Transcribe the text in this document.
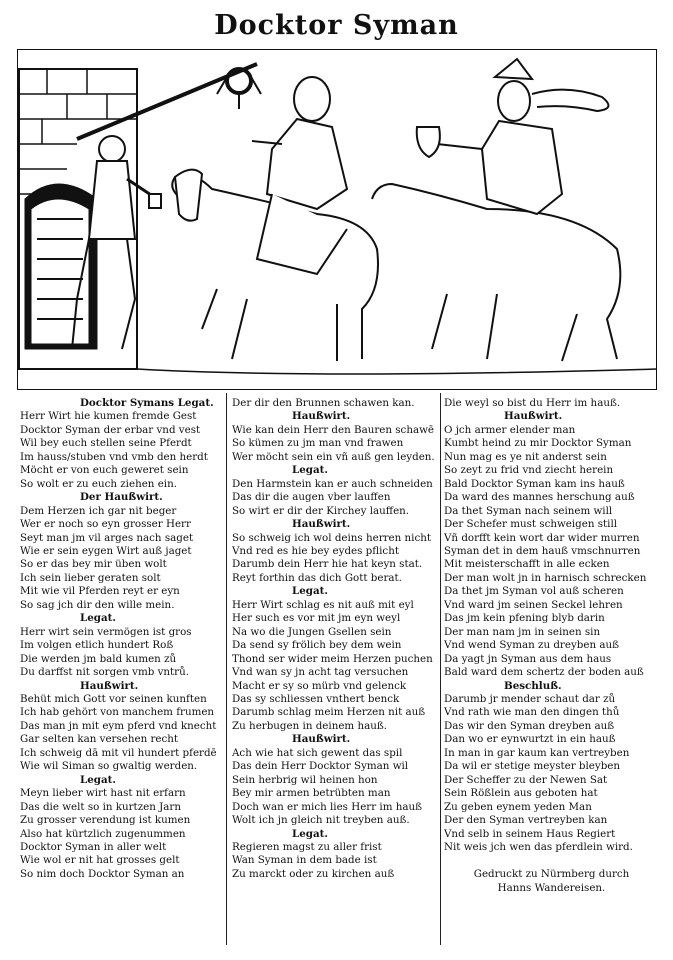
Docktor Syman
Docktor Symans Legat.
Herr Wirt hie kumen fremde Gest
Docktor Syman der erbar vnd vest
Wil bey euch stellen seine Pferdt
Im hauss/stuben vnd vmb den herdt
Möcht er von euch geweret sein
So wolt er zu euch ziehen ein.
Der Haußwirt.
Dem Herzen ich gar nit beger
Wer er noch so eyn grosser Herr
Seyt man jm vil arges nach saget
Wie er sein eygen Wirt auß jaget
So er das bey mir üben wolt
Ich sein lieber geraten solt
Mit wie vil Pferden reyt er eyn
So sag jch dir den wille mein.
Legat.
Herr wirt sein vermögen ist gros
Im volgen etlich hundert Roß
Die werden jm bald kumen zů
Du darffst nit sorgen vmb vntrů.
Haußwirt.
Behüt mich Gott vor seinen kunften
Ich hab gehört von manchem frumen
Das man jn mit eym pferd vnd knecht
Gar selten kan versehen recht
Ich schweig dā mit vil hundert pferdē
Wie wil Siman so gwaltig werden.
Legat.
Meyn lieber wirt hast nit erfarn
Das die welt so in kurtzen Jarn
Zu grosser verendung ist kumen
Also hat kürtzlich zugenummen
Docktor Syman in aller welt
Wie wol er nit hat grosses gelt
So nim doch Docktor Syman an
Der dir den Brunnen schawen kan.
Haußwirt.
Wie kan dein Herr den Bauren schawē
So kümen zu jm man vnd frawen
Wer möcht sein ein vñ auß gen leyden.
Legat.
Den Harmstein kan er auch schneiden
Das dir die augen vber lauffen
So wirt er dir der Kirchey lauffen.
Haußwirt.
So schweig ich wol deins herren nicht
Vnd red es hie bey eydes pflicht
Darumb dein Herr hie hat keyn stat.
Reyt forthin das dich Gott berat.
Legat.
Herr Wirt schlag es nit auß mit eyl
Her such es vor mit jm eyn weyl
Na wo die Jungen Gsellen sein
Da send sy frölich bey dem wein
Thond ser wider meim Herzen puchen
Vnd wan sy jn acht tag versuchen
Macht er sy so mürb vnd gelenck
Das sy schliessen vnthert benck
Darumb schlag meim Herzen nit auß
Zu herbugen in deinem hauß.
Haußwirt.
Ach wie hat sich gewent das spil
Das dein Herr Docktor Syman wil
Sein herbrig wil heinen hon
Bey mir armen betrübten man
Doch wan er mich lies Herr im hauß
Wolt ich jn gleich nit treyben auß.
Legat.
Regieren magst zu aller frist
Wan Syman in dem bade ist
Zu marckt oder zu kirchen auß
Die weyl so bist du Herr im hauß.
Haußwirt.
O jch armer elender man
Kumbt heind zu mir Docktor Syman
Nun mag es ye nit anderst sein
So zeyt zu frid vnd ziecht herein
Bald Docktor Syman kam ins hauß
Da ward des mannes herschung auß
Da thet Syman nach seinem will
Der Schefer must schweigen still
Vñ dorfft kein wort dar wider murren
Syman det in dem hauß vmschnurren
Mit meisterschafft in alle ecken
Der man wolt jn in harnisch schrecken
Da thet jm Syman vol auß scheren
Vnd ward jm seinen Seckel lehren
Das jm kein pfening blyb darin
Der man nam jm in seinen sin
Vnd wend Syman zu dreyben auß
Da yagt jn Syman aus dem haus
Bald ward dem schertz der boden auß
Beschluß.
Darumb jr mender schaut dar zů
Vnd rath wie man den dingen thů
Das wir den Syman dreyben auß
Dan wo er eynwurtzt in ein hauß
In man in gar kaum kan vertreyben
Da wil er stetige meyster bleyben
Der Scheffer zu der Newen Sat
Sein Rößlein aus geboten hat
Zu geben eynem yeden Man
Der den Syman vertreyben kan
Vnd selb in seinem Haus Regiert
Nit weis jch wen das pferdlein wird.
Gedruckt zu Nürmberg durch
Hanns Wandereisen.
